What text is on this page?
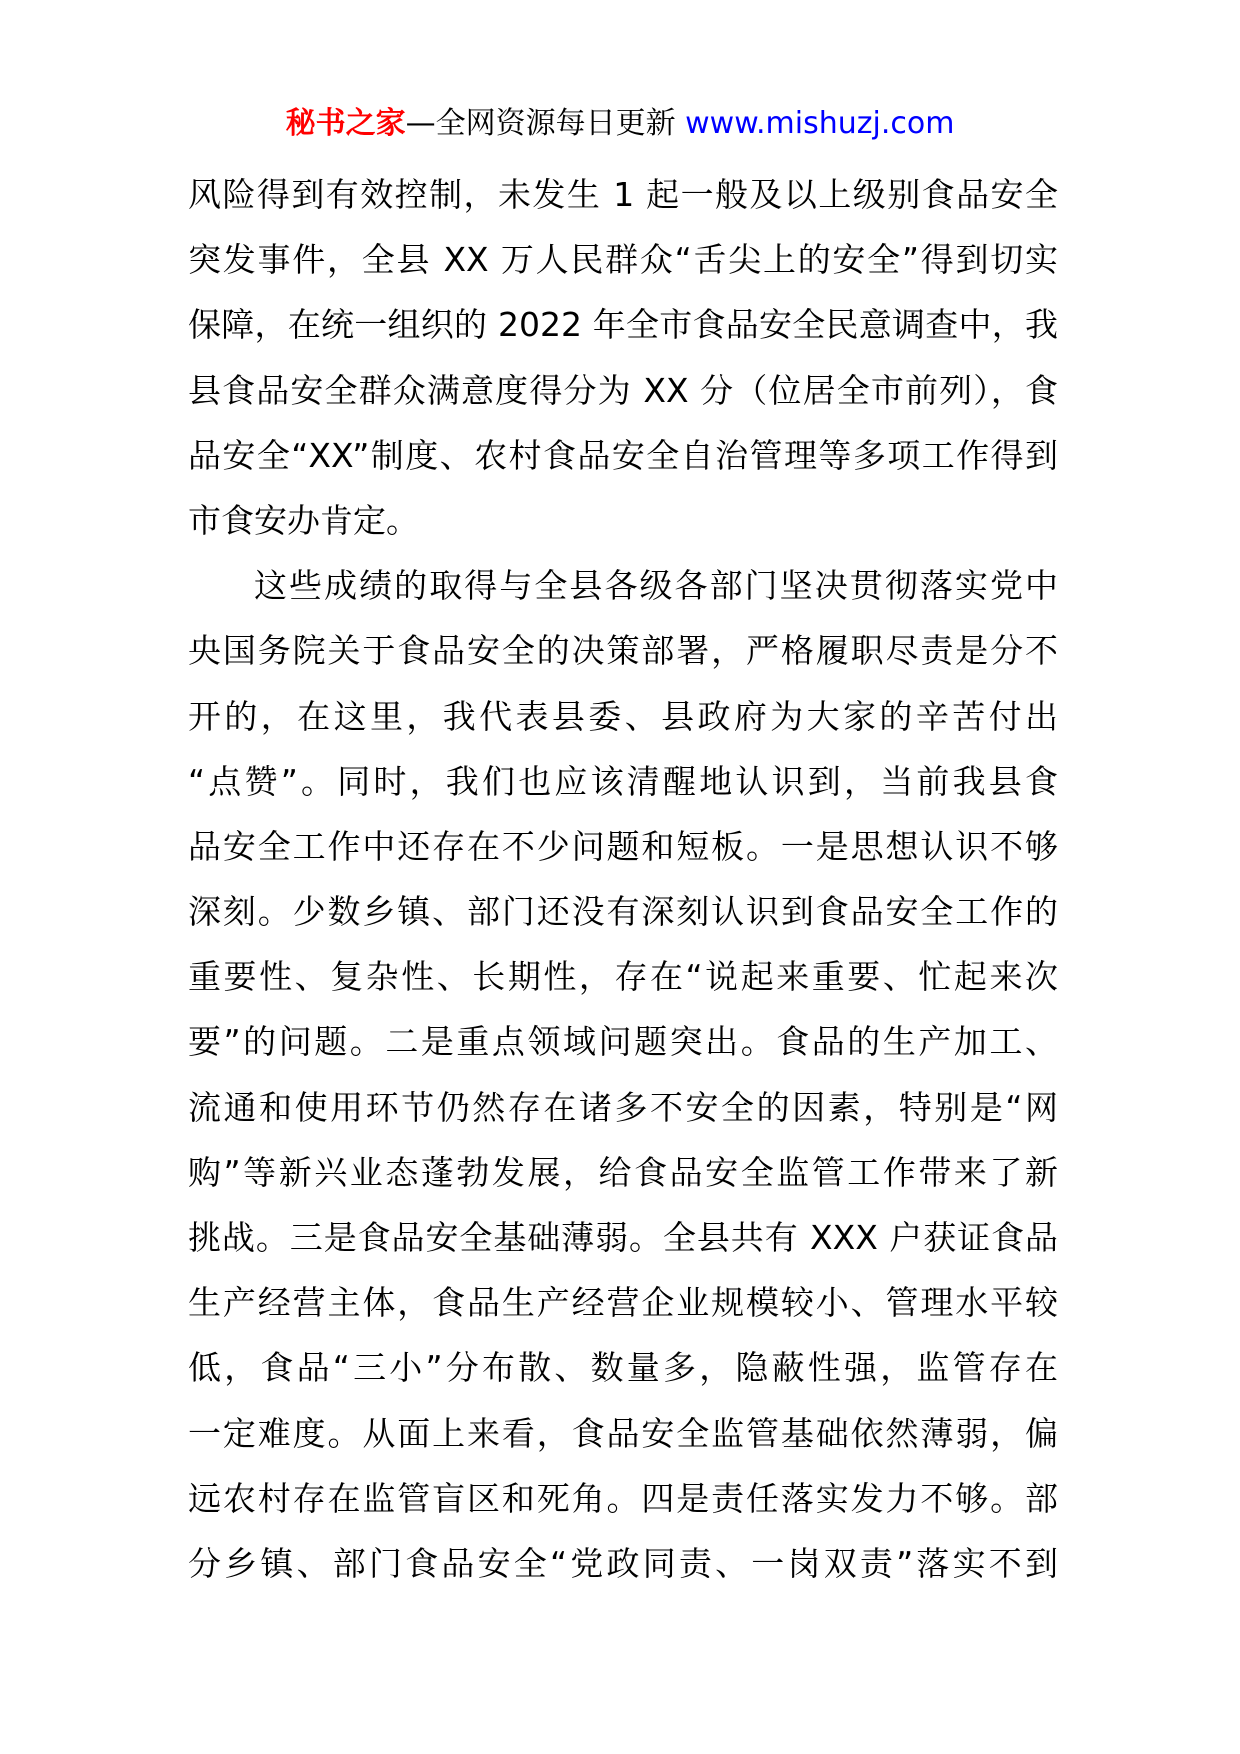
秘书之家—全网资源每日更新 www.mishuzj.com
风险得到有效控制，未发生 1 起一般及以上级别食品安全
突发事件，全县 XX 万人民群众“舌尖上的安全”得到切实
保障，在统一组织的 2022 年全市食品安全民意调查中，我
县食品安全群众满意度得分为 XX 分（位居全市前列），食
品安全“XX”制度、农村食品安全自治管理等多项工作得到
市食安办肯定。
这些成绩的取得与全县各级各部门坚决贯彻落实党中
央国务院关于食品安全的决策部署，严格履职尽责是分不
开的，在这里，我代表县委、县政府为大家的辛苦付出
“点赞”。同时，我们也应该清醒地认识到，当前我县食
品安全工作中还存在不少问题和短板。一是思想认识不够
深刻。少数乡镇、部门还没有深刻认识到食品安全工作的
重要性、复杂性、长期性，存在“说起来重要、忙起来次
要”的问题。二是重点领域问题突出。食品的生产加工、
流通和使用环节仍然存在诸多不安全的因素，特别是“网
购”等新兴业态蓬勃发展，给食品安全监管工作带来了新
挑战。三是食品安全基础薄弱。全县共有 XXX 户获证食品
生产经营主体，食品生产经营企业规模较小、管理水平较
低，食品“三小”分布散、数量多，隐蔽性强，监管存在
一定难度。从面上来看，食品安全监管基础依然薄弱，偏
远农村存在监管盲区和死角。四是责任落实发力不够。部
分乡镇、部门食品安全“党政同责、一岗双责”落实不到
